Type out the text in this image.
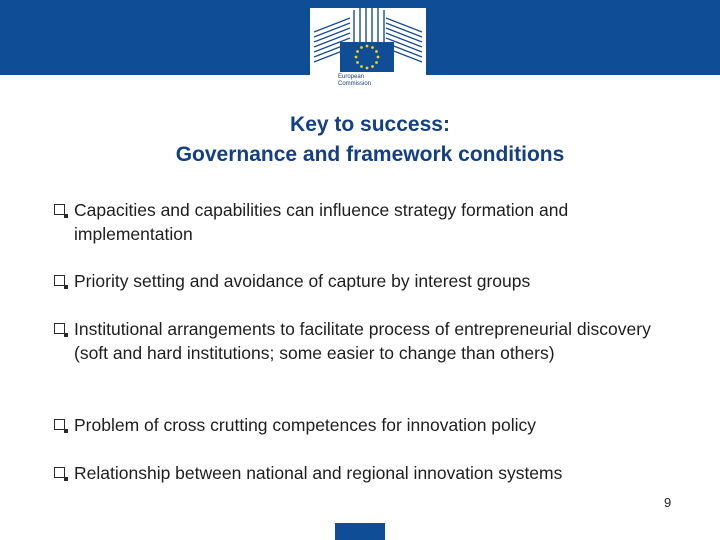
European
Commission
Key to success:
Governance and framework conditions
Capacities and capabilities can influence strategy formation and implementation
Priority setting and avoidance of capture by interest groups
Institutional arrangements to facilitate process of entrepreneurial discovery (soft and hard institutions; some easier to change than others)
Problem of cross crutting competences for innovation policy
Relationship between national and regional innovation systems
9
